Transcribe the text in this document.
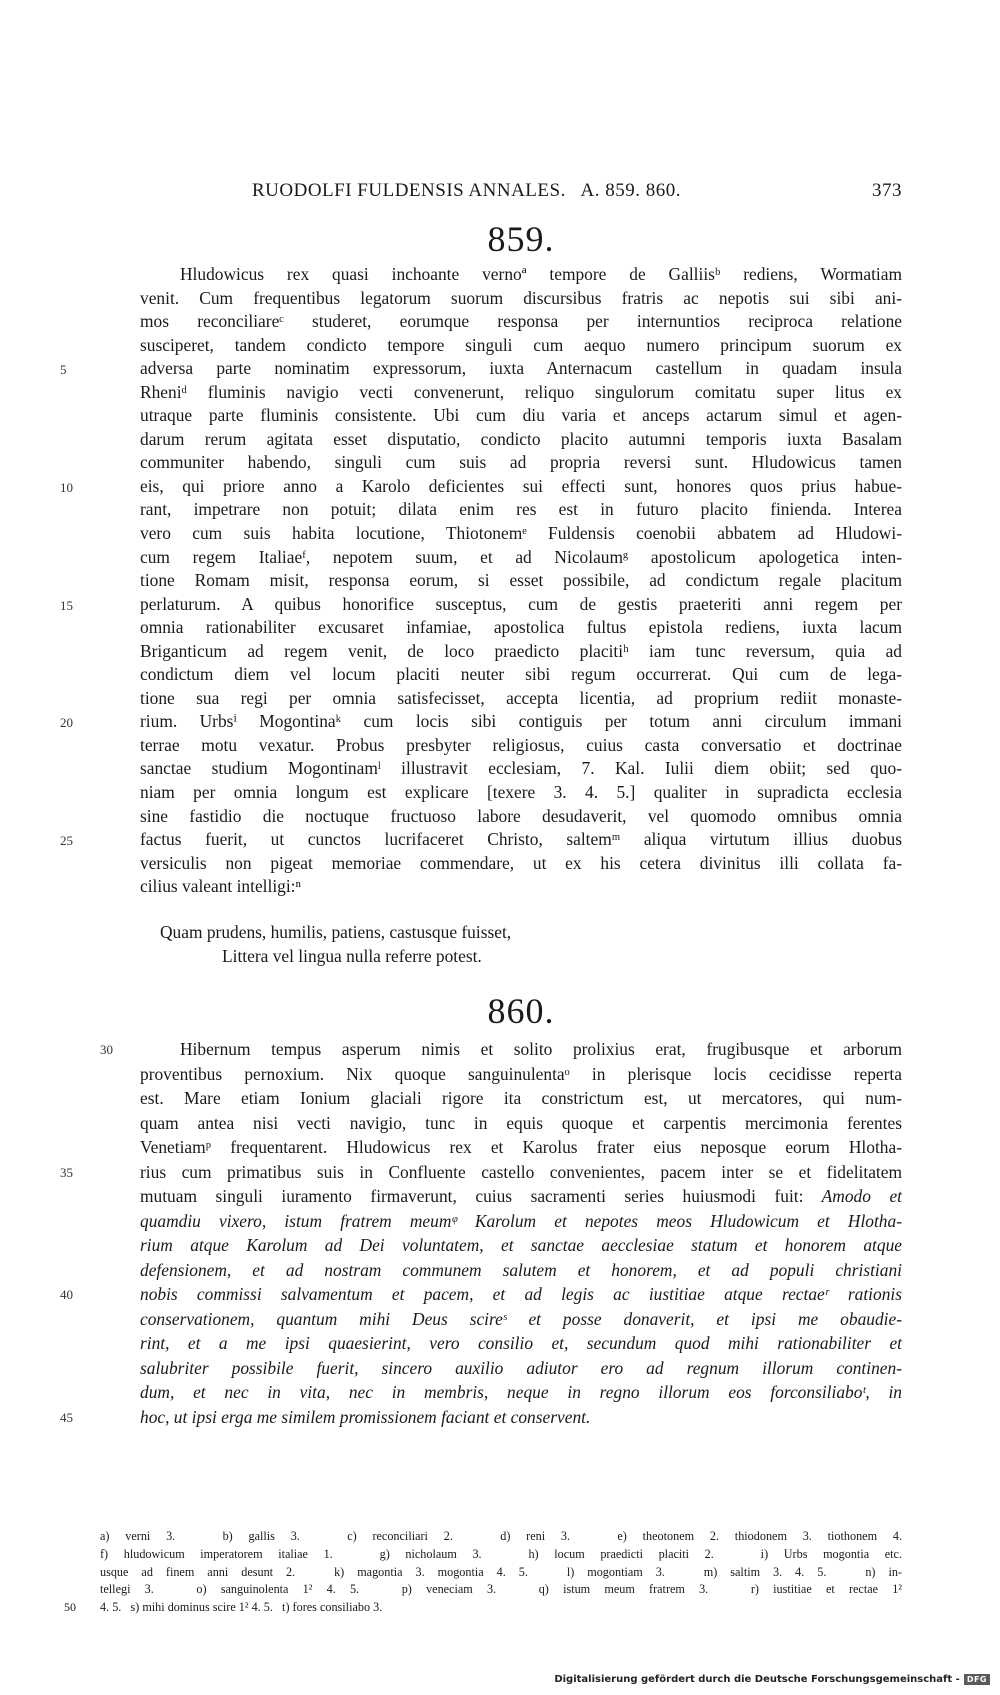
RUODOLFI FULDENSIS ANNALES.   A. 859. 860.	373
859.
Hludowicus rex quasi inchoante vernoª tempore de Galliisᵇ rediens, Wormatiam
venit. Cum frequentibus legatorum suorum discursibus fratris ac nepotis sui sibi ani-
mos reconciliareᶜ studeret, eorumque responsa per internuntios reciproca relatione
susciperet, tandem condicto tempore singuli cum aequo numero principum suorum ex
5	adversa parte nominatim expressorum, iuxta Anternacum castellum in quadam insula
Rheniᵈ fluminis navigio vecti convenerunt, reliquo singulorum comitatu super litus ex
utraque parte fluminis consistente. Ubi cum diu varia et anceps actarum simul et agen-
darum rerum agitata esset disputatio, condicto placito autumni temporis iuxta Basalam
communiter habendo, singuli cum suis ad propria reversi sunt. Hludowicus tamen
10	eis, qui priore anno a Karolo deficientes sui effecti sunt, honores quos prius habue-
rant, impetrare non potuit; dilata enim res est in futuro placito finienda. Interea
vero cum suis habita locutione, Thiotonemᵉ Fuldensis coenobii abbatem ad Hludowi-
cum regem Italiaeᶠ, nepotem suum, et ad Nicolaumᵍ apostolicum apologetica inten-
tione Romam misit, responsa eorum, si esset possibile, ad condictum regale placitum
15	perlaturum. A quibus honorifice susceptus, cum de gestis praeteriti anni regem per
omnia rationabiliter excusaret infamiae, apostolica fultus epistola rediens, iuxta lacum
Briganticum ad regem venit, de loco praedicto placitiʰ iam tunc reversum, quia ad
condictum diem vel locum placiti neuter sibi regum occurrerat. Qui cum de lega-
tione sua regi per omnia satisfecisset, accepta licentia, ad proprium rediit monaste-
20	rium. Urbsⁱ Mogontinaᵏ cum locis sibi contiguis per totum anni circulum immani
terrae motu vexatur. Probus presbyter religiosus, cuius casta conversatio et doctrinae
sanctae studium Mogontinamˡ illustravit ecclesiam, 7. Kal. Iulii diem obiit; sed quo-
niam per omnia longum est explicare [texere 3. 4. 5.] qualiter in supradicta ecclesia
sine fastidio die noctuque fructuoso labore desudaverit, vel quomodo omnibus omnia
25	factus fuerit, ut cunctos lucrifaceret Christo, saltemᵐ aliqua virtutum illius duobus
versiculis non pigeat memoriae commendare, ut ex his cetera divinitus illi collata fa-
cilius valeant intelligi:ⁿ
Quam prudens, humilis, patiens, castusque fuisset,
Littera vel lingua nulla referre potest.
860.
30	Hibernum tempus asperum nimis et solito prolixius erat, frugibusque et arborum
proventibus pernoxium. Nix quoque sanguinulentaᵒ in plerisque locis cecidisse reperta
est. Mare etiam Ionium glaciali rigore ita constrictum est, ut mercatores, qui num-
quam antea nisi vecti navigio, tunc in equis quoque et carpentis mercimonia ferentes
Venetiamᵖ frequentarent. Hludowicus rex et Karolus frater eius neposque eorum Hlotha-
35	rius cum primatibus suis in Confluente castello convenientes, pacem inter se et fidelitatem
mutuam singuli iuramento firmaverunt, cuius sacramenti series huiusmodi fuit: Amodo et
quamdiu vixero, istum fratrem meumᵠ Karolum et nepotes meos Hludowicum et Hlotha-
rium atque Karolum ad Dei voluntatem, et sanctae aecclesiae statum et honorem atque
defensionem, et ad nostram communem salutem et honorem, et ad populi christiani
40	nobis commissi salvamentum et pacem, et ad legis ac iustitiae atque rectaeʳ rationis
conservationem, quantum mihi Deus scireˢ et posse donaverit, et ipsi me obaudie-
rint, et a me ipsi quaesierint, vero consilio et, secundum quod mihi rationabiliter et
salubriter possibile fuerit, sincero auxilio adiutor ero ad regnum illorum continen-
dum, et nec in vita, nec in membris, neque in regno illorum eos forconsiliaboᵗ, in
45	hoc, ut ipsi erga me similem promissionem faciant et conservent.
a) verni 3.   b) gallis 3.   c) reconciliari 2.   d) reni 3.   e) theotonem 2. thiodonem 3. tiothonem 4.
f) hludowicum imperatorem italiae 1.   g) nicholaum 3.   h) locum praedicti placiti 2.   i) Urbs mogontia etc.
usque ad finem anni desunt 2.   k) magontia 3. mogontia 4. 5.   l) mogontiam 3.   m) saltim 3. 4. 5.   n) in-
tellegi 3.   o) sanguinolenta 1² 4. 5.   p) veneciam 3.   q) istum meum fratrem 3.   r) iustitiae et rectae 1²
50 4. 5.   s) mihi dominus scire 1² 4. 5.   t) fores consiliabo 3.
Digitalisierung gefördert durch die Deutsche Forschungsgemeinschaft - DFG
